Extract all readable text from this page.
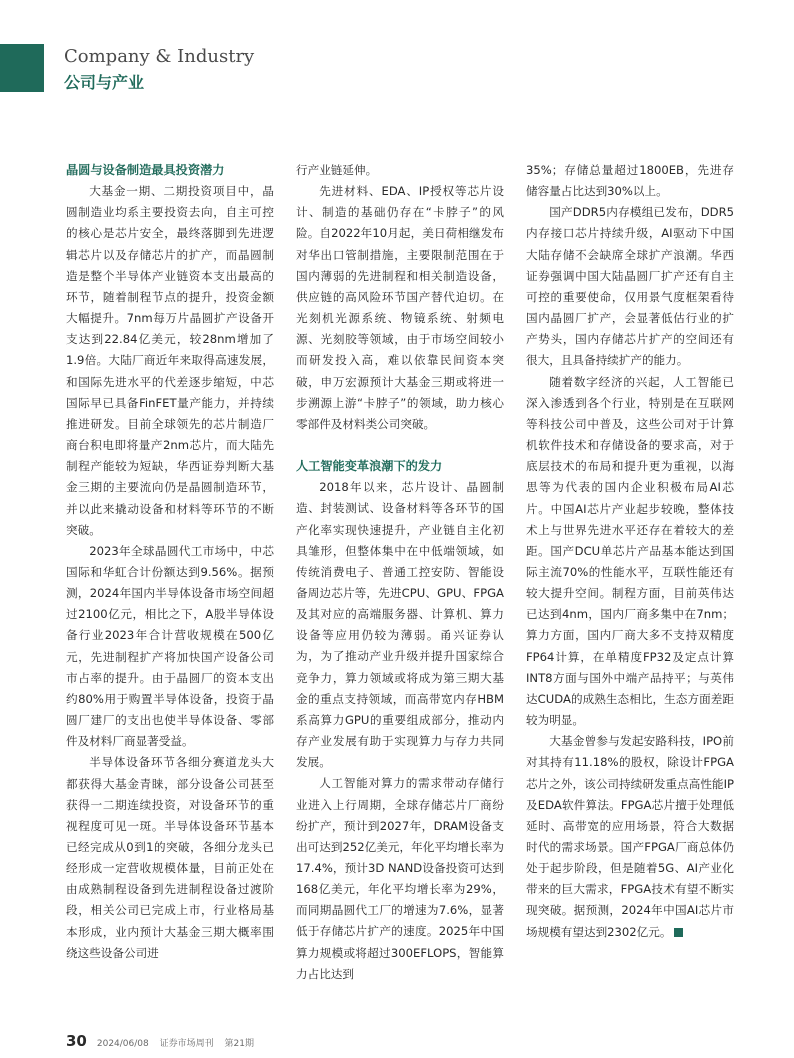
Company & Industry
公司与产业
晶圆与设备制造最具投资潜力

大基金一期、二期投资项目中，晶圆制造业均系主要投资去向，自主可控的核心是芯片安全，最终落脚到先进逻辑芯片以及存储芯片的扩产，而晶圆制造是整个半导体产业链资本支出最高的环节，随着制程节点的提升，投资金额大幅提升。7nm每万片晶圆扩产设备开支达到22.84亿美元，较28nm增加了1.9倍。大陆厂商近年来取得高速发展，和国际先进水平的代差逐步缩短，中芯国际早已具备FinFET量产能力，并持续推进研发。目前全球领先的芯片制造厂商台积电即将量产2nm芯片，而大陆先制程产能较为短缺，华西证券判断大基金三期的主要流向仍是晶圆制造环节，并以此来撬动设备和材料等环节的不断突破。

2023年全球晶圆代工市场中，中芯国际和华虹合计份额达到9.56%。据预测，2024年国内半导体设备市场空间超过2100亿元，相比之下，A股半导体设备行业2023年合计营收规模在500亿元，先进制程扩产将加快国产设备公司市占率的提升。由于晶圆厂的资本支出约80%用于购置半导体设备，投资于晶圆厂建厂的支出也使半导体设备、零部件及材料厂商显著受益。

半导体设备环节各细分赛道龙头大都获得大基金青睐，部分设备公司甚至获得一二期连续投资，对设备环节的重视程度可见一斑。半导体设备环节基本已经完成从0到1的突破，各细分龙头已经形成一定营收规模体量，目前正处在由成熟制程设备到先进制程设备过渡阶段，相关公司已完成上市，行业格局基本形成，业内预计大基金三期大概率围绕这些设备公司进

行产业链延伸。

先进材料、EDA、IP授权等芯片设计、制造的基础仍存在“卡脖子”的风险。自2022年10月起，美日荷相继发布对华出口管制措施，主要限制范围在于国内薄弱的先进制程和相关制造设备，供应链的高风险环节国产替代迫切。在光刻机光源系统、物镜系统、射频电源、光刻胶等领域，由于市场空间较小而研发投入高，难以依靠民间资本突破，申万宏源预计大基金三期或将进一步溯源上游“卡脖子”的领域，助力核心零部件及材料类公司突破。

人工智能变革浪潮下的发力

2018年以来，芯片设计、晶圆制造、封装测试、设备材料等各环节的国产化率实现快速提升，产业链自主化初具雏形，但整体集中在中低端领域，如传统消费电子、普通工控安防、智能设备周边芯片等，先进CPU、GPU、FPGA及其对应的高端服务器、计算机、算力设备等应用仍较为薄弱。甬兴证券认为，为了推动产业升级并提升国家综合竞争力，算力领域或将成为第三期大基金的重点支持领域，而高带宽内存HBM系高算力GPU的重要组成部分，推动内存产业发展有助于实现算力与存力共同发展。

人工智能对算力的需求带动存储行业进入上行周期，全球存储芯片厂商纷纷扩产，预计到2027年，DRAM设备支出可达到252亿美元，年化平均增长率为17.4%，预计3D NAND设备投资可达到168亿美元，年化平均增长率为29%，而同期晶圆代工厂的增速为7.6%，显著低于存储芯片扩产的速度。2025年中国算力规模或将超过300EFLOPS，智能算力占比达到

35%；存储总量超过1800EB，先进存储容量占比达到30%以上。

国产DDR5内存模组已发布，DDR5内存接口芯片持续升级，AI驱动下中国大陆存储不会缺席全球扩产浪潮。华西证券强调中国大陆晶圆厂扩产还有自主可控的重要使命，仅用景气度框架看待国内晶圆厂扩产，会显著低估行业的扩产势头，国内存储芯片扩产的空间还有很大，且具备持续扩产的能力。

随着数字经济的兴起，人工智能已深入渗透到各个行业，特别是在互联网等科技公司中普及，这些公司对于计算机软件技术和存储设备的要求高，对于底层技术的布局和提升更为重视，以海思等为代表的国内企业积极布局AI芯片。中国AI芯片产业起步较晚，整体技术上与世界先进水平还存在着较大的差距。国产DCU单芯片产品基本能达到国际主流70%的性能水平，互联性能还有较大提升空间。制程方面，目前英伟达已达到4nm，国内厂商多集中在7nm；算力方面，国内厂商大多不支持双精度FP64计算，在单精度FP32及定点计算INT8方面与国外中端产品持平；与英伟达CUDA的成熟生态相比，生态方面差距较为明显。

大基金曾参与发起安路科技，IPO前对其持有11.18%的股权，除设计FPGA芯片之外，该公司持续研发重点高性能IP及EDA软件算法。FPGA芯片擅于处理低延时、高带宽的应用场景，符合大数据时代的需求场景。国产FPGA厂商总体仍处于起步阶段，但是随着5G、AI产业化带来的巨大需求，FPGA技术有望不断实现突破。据预测，2024年中国AI芯片市场规模有望达到2302亿元。

30 2024/06/08 证券市场周刊 第21期
